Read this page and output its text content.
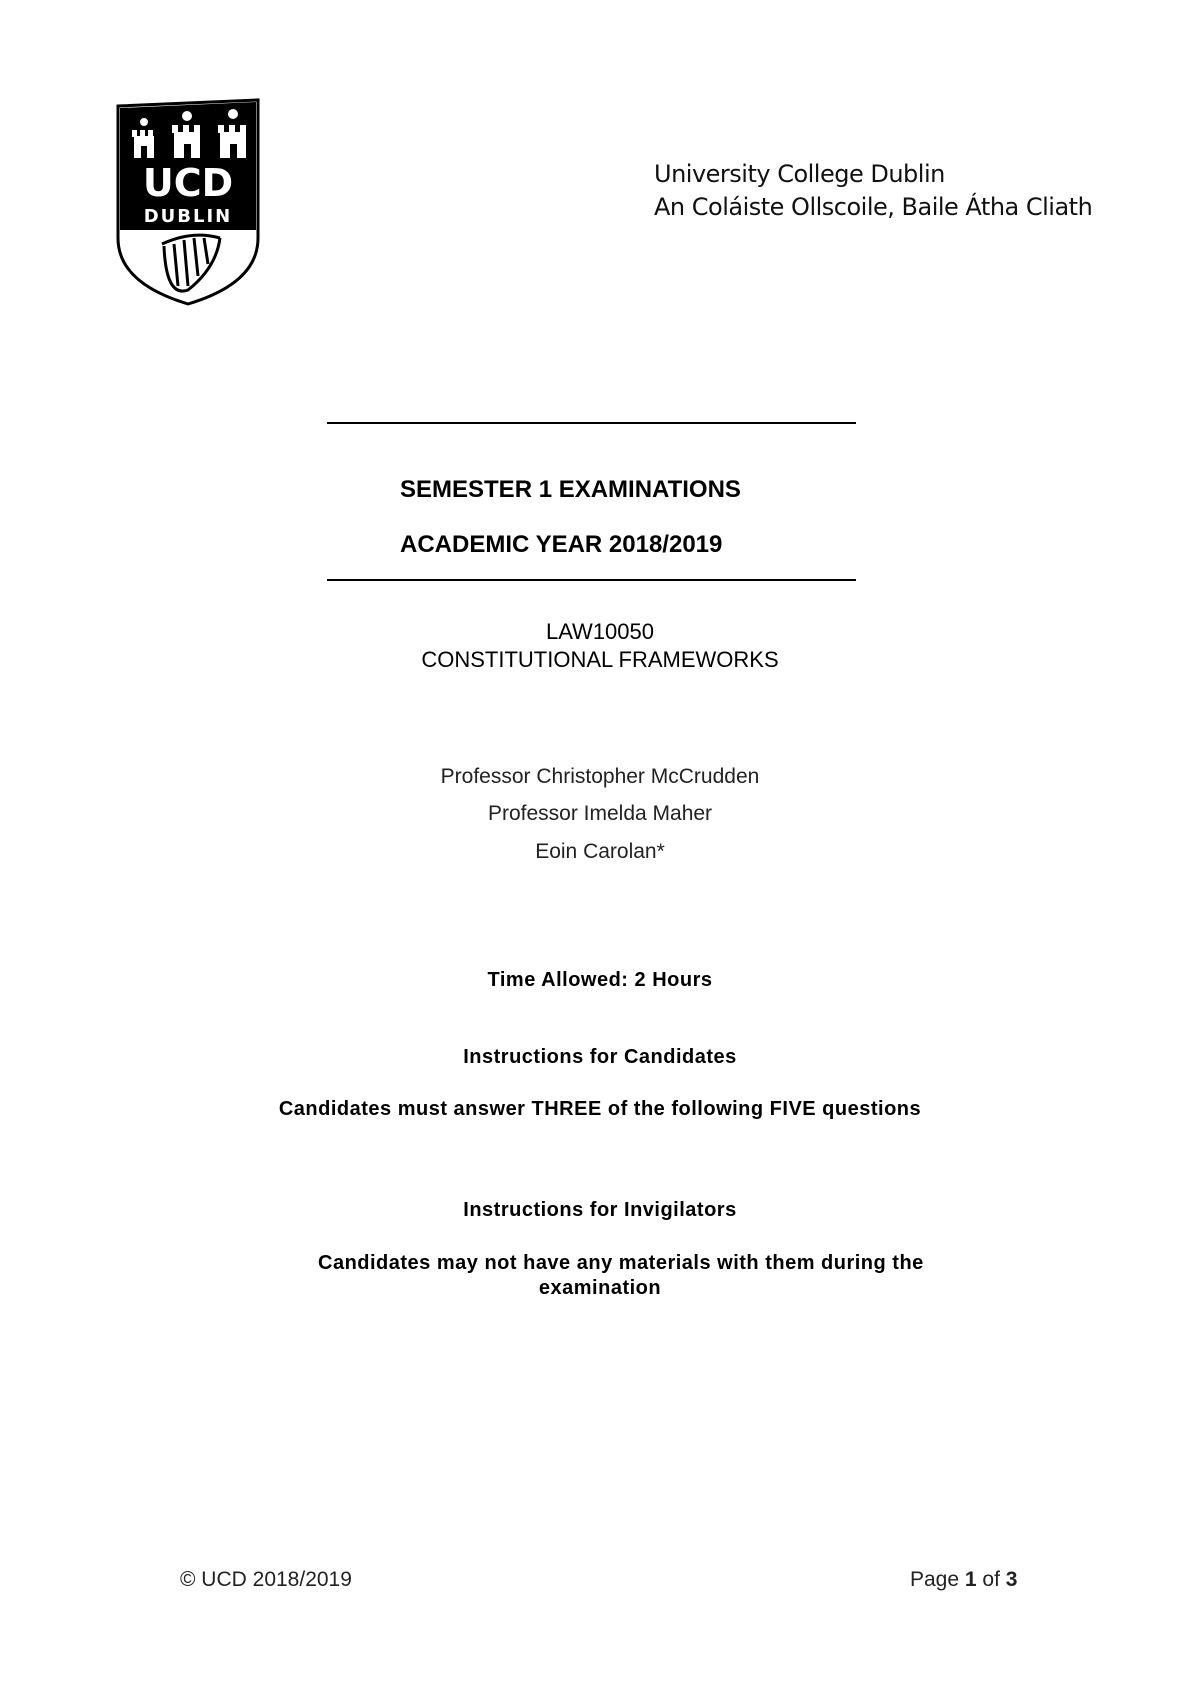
UCD
DUBLIN
University College Dublin
An Coláiste Ollscoile, Baile Átha Cliath
SEMESTER 1 EXAMINATIONS
ACADEMIC YEAR 2018/2019
LAW10050
CONSTITUTIONAL FRAMEWORKS
Professor Christopher McCrudden
Professor Imelda Maher
Eoin Carolan*
Time Allowed: 2 Hours
Instructions for Candidates
Candidates must answer THREE of the following FIVE questions
Instructions for Invigilators
Candidates may not have any materials with them during the
examination
© UCD 2018/2019	Page 1 of 3
